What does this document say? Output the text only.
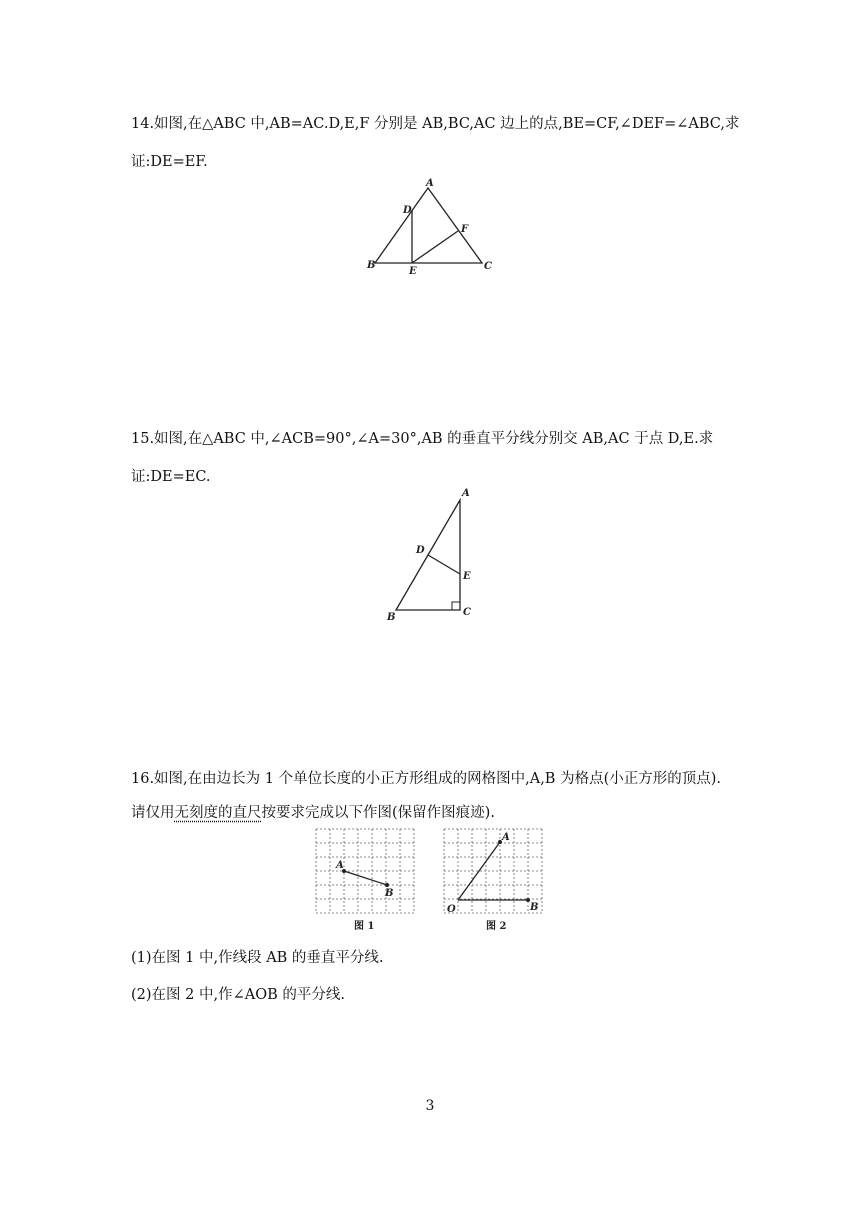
14.如图,在△ABC 中,AB=AC.D,E,F 分别是 AB,BC,AC 边上的点,BE=CF,∠DEF=∠ABC,求
证:DE=EF.
A
D
F
B
E	C
15.如图,在△ABC 中,∠ACB=90°,∠A=30°,AB 的垂直平分线分别交 AB,AC 于点 D,E.求
证:DE=EC.
A
D
E
B	C
16.如图,在由边长为 1 个单位长度的小正方形组成的网格图中,A,B 为格点(小正方形的顶点).
请仅用无刻度的直尺按要求完成以下作图(保留作图痕迹).
A
B
图 1
A
O	B
图 2
(1)在图 1 中,作线段 AB 的垂直平分线.
(2)在图 2 中,作∠AOB 的平分线.
3
